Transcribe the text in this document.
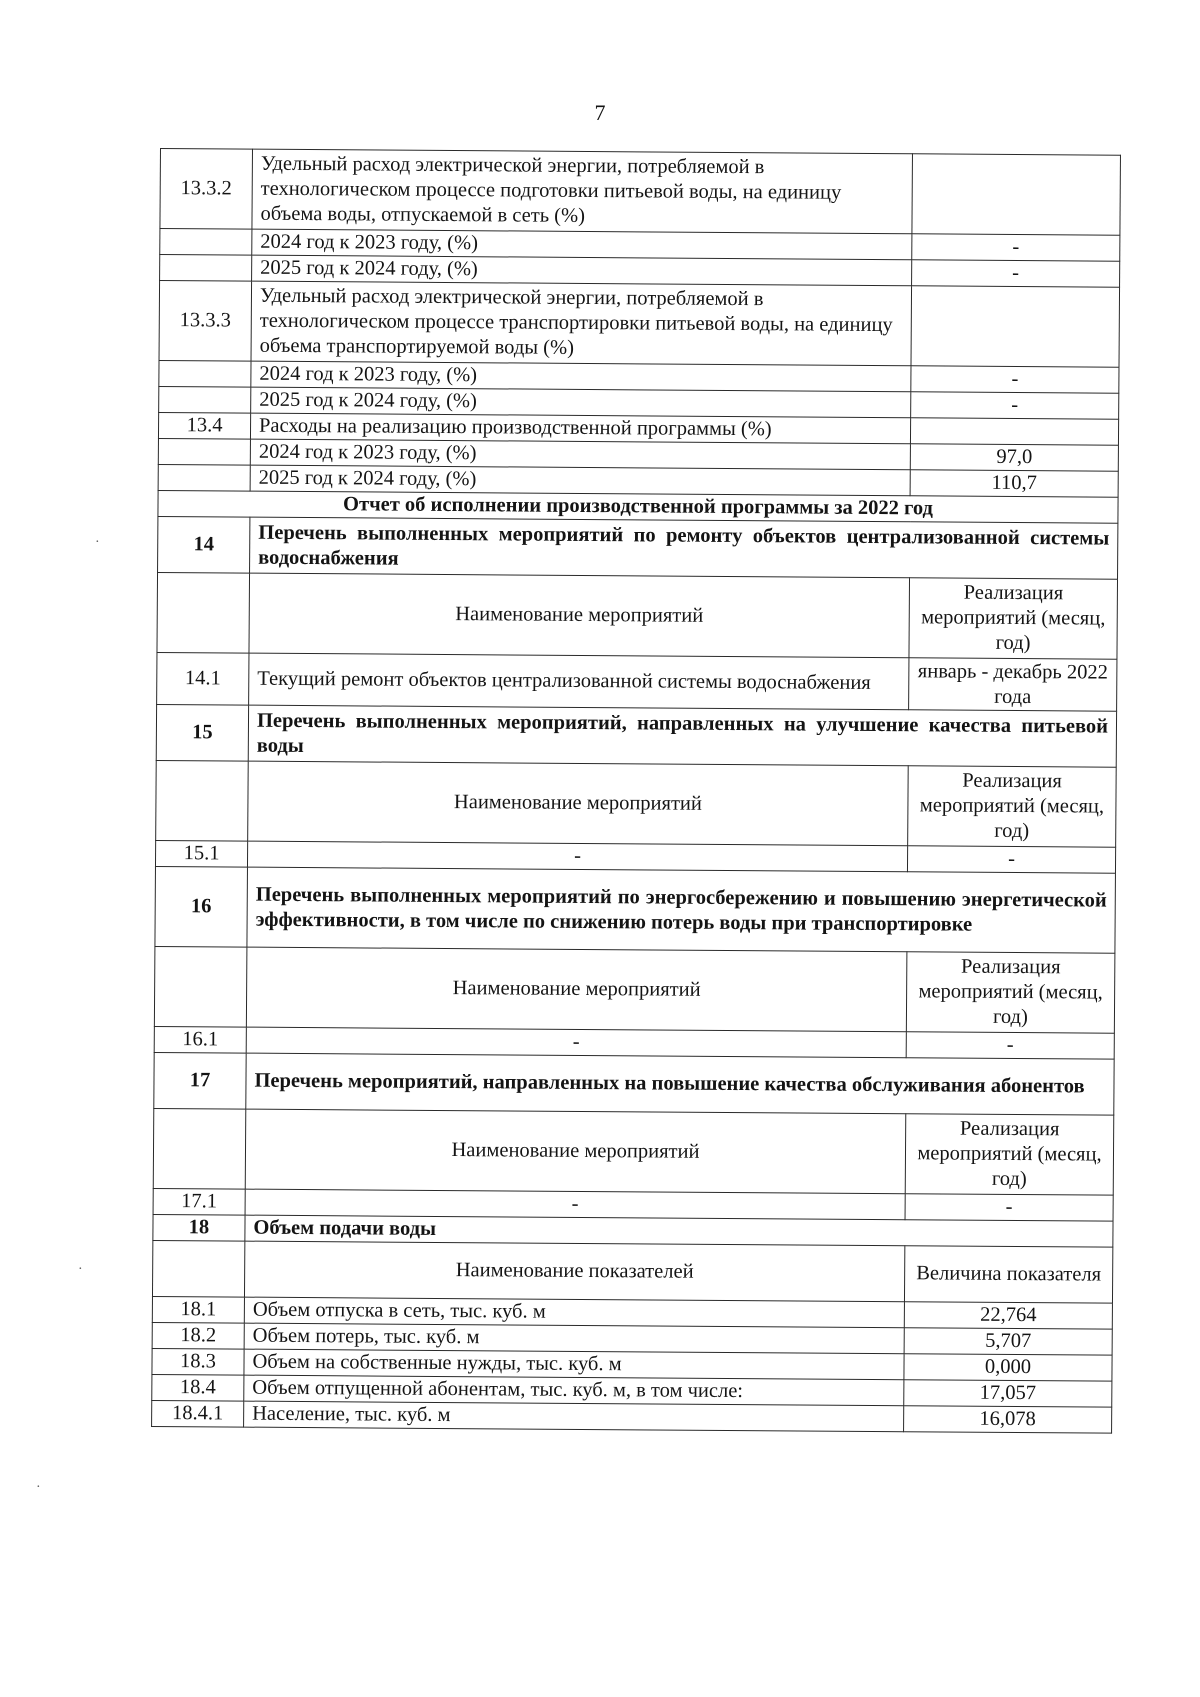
7
13.3.2	Удельный расход электрической энергии, потребляемой в технологическом процессе подготовки питьевой воды, на единицу объема воды, отпускаемой в сеть (%)	
	2024 год к 2023 году, (%)	-
	2025 год к 2024 году, (%)	-
13.3.3	Удельный расход электрической энергии, потребляемой в технологическом процессе транспортировки питьевой воды, на единицу объема транспортируемой воды (%)	
	2024 год к 2023 году, (%)	-
	2025 год к 2024 году, (%)	-
13.4	Расходы на реализацию производственной программы (%)	
	2024 год к 2023 году, (%)	97,0
	2025 год к 2024 году, (%)	110,7
Отчет об исполнении производственной программы за 2022 год		
14	Перечень выполненных мероприятий по ремонту объектов централизованной системы водоснабжения	
	Наименование мероприятий	Реализация мероприятий (месяц, год)
14.1	Текущий ремонт объектов централизованной системы водоснабжения	январь - декабрь 2022 года
15	Перечень выполненных мероприятий, направленных на улучшение качества питьевой воды	
	Наименование мероприятий	Реализация мероприятий (месяц, год)
15.1	-	-
16	Перечень выполненных мероприятий по энергосбережению и повышению энергетической эффективности, в том числе по снижению потерь воды при транспортировке	
	Наименование мероприятий	Реализация мероприятий (месяц, год)
16.1	-	-
17	Перечень мероприятий, направленных на повышение качества обслуживания абонентов	
	Наименование мероприятий	Реализация мероприятий (месяц, год)
17.1	-	-
18	Объем подачи воды	
	Наименование показателей	Величина показателя
18.1	Объем отпуска в сеть, тыс. куб. м	22,764
18.2	Объем потерь, тыс. куб. м	5,707
18.3	Объем на собственные нужды, тыс. куб. м	0,000
18.4	Объем отпущенной абонентам, тыс. куб. м, в том числе:	17,057
18.4.1	Население, тыс. куб. м	16,078
·
·
·
